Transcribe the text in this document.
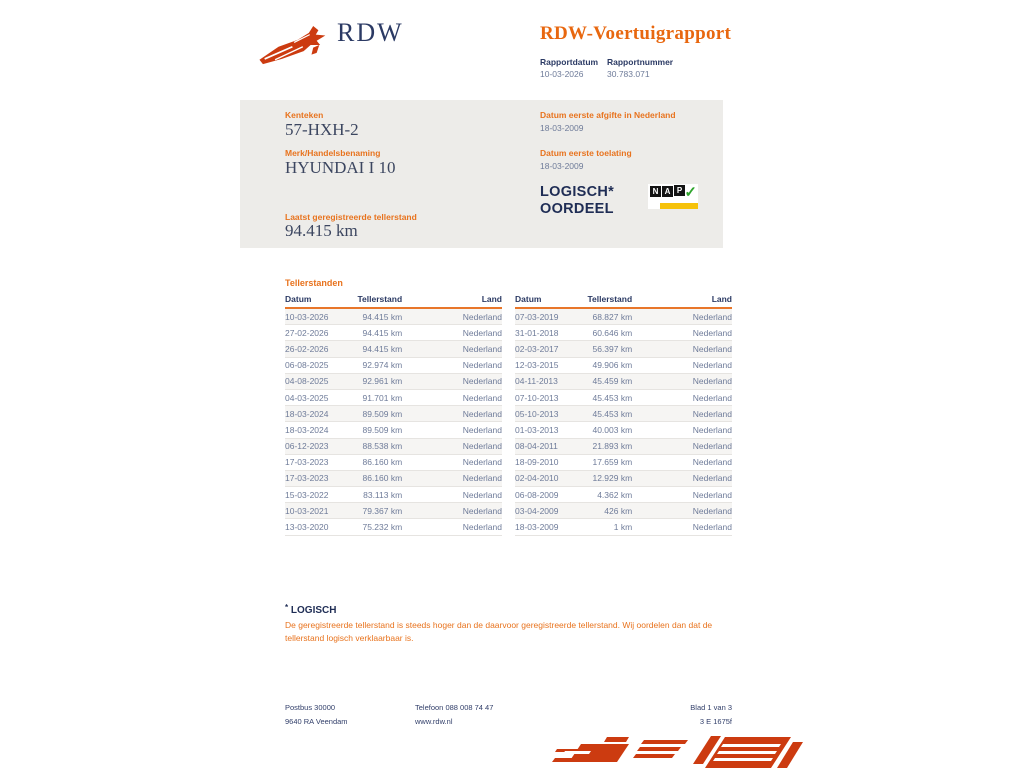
RDW	RDW-Voertuigrapport
Rapportdatum Rapportnummer
10-03-2026	30.783.071
Kenteken
57-HXH-2
Merk/Handelsbenaming
HYUNDAI I 10
Laatst geregistreerde tellerstand
94.415 km
Datum eerste afgifte in Nederland
18-03-2009
Datum eerste toelating
18-03-2009
LOGISCH*
OORDEEL
N A P ✓
Tellerstanden
Datum	Tellerstand	Land
10-03-2026	94.415 km	Nederland
27-02-2026	94.415 km	Nederland
26-02-2026	94.415 km	Nederland
06-08-2025	92.974 km	Nederland
04-08-2025	92.961 km	Nederland
04-03-2025	91.701 km	Nederland
18-03-2024	89.509 km	Nederland
18-03-2024	89.509 km	Nederland
06-12-2023	88.538 km	Nederland
17-03-2023	86.160 km	Nederland
17-03-2023	86.160 km	Nederland
15-03-2022	83.113 km	Nederland
10-03-2021	79.367 km	Nederland
13-03-2020	75.232 km	Nederland
Datum	Tellerstand	Land
07-03-2019	68.827 km	Nederland
31-01-2018	60.646 km	Nederland
02-03-2017	56.397 km	Nederland
12-03-2015	49.906 km	Nederland
04-11-2013	45.459 km	Nederland
07-10-2013	45.453 km	Nederland
05-10-2013	45.453 km	Nederland
01-03-2013	40.003 km	Nederland
08-04-2011	21.893 km	Nederland
18-09-2010	17.659 km	Nederland
02-04-2010	12.929 km	Nederland
06-08-2009	4.362 km	Nederland
03-04-2009	426 km	Nederland
18-03-2009	1 km	Nederland
* LOGISCH
De geregistreerde tellerstand is steeds hoger dan de daarvoor geregistreerde tellerstand. Wij oordelen dan dat de tellerstand logisch verklaarbaar is.
Postbus 30000
9640 RA Veendam
Telefoon 088 008 74 47
www.rdw.nl
Blad 1 van 3
3 E 1675f
